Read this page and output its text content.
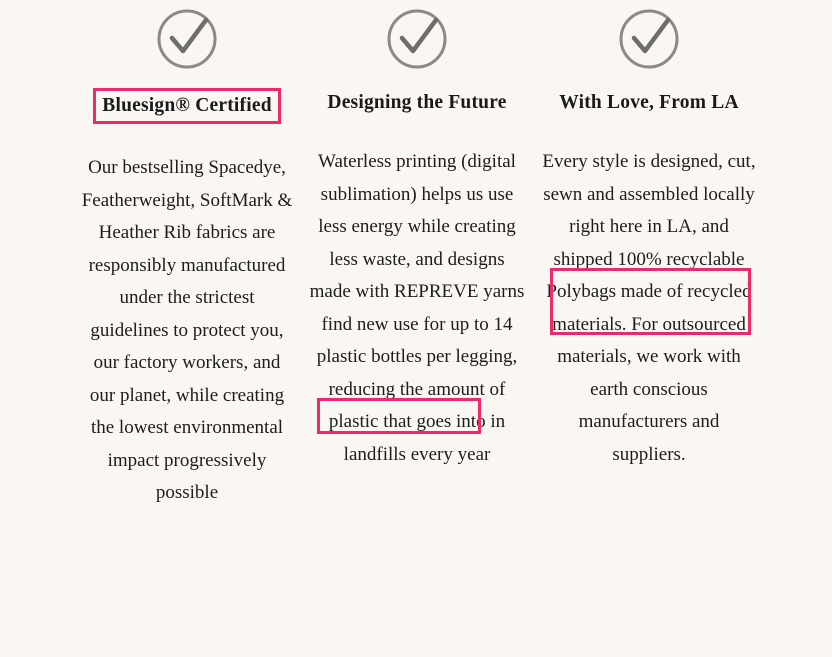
Bluesign® Certified
Our bestselling Spacedye, Featherweight, SoftMark & Heather Rib fabrics are responsibly manufactured under the strictest guidelines to protect you, our factory workers, and our planet, while creating the lowest environmental impact progressively possible
Designing the Future
Waterless printing (digital sublimation) helps us use less energy while creating less waste, and designs made with REPREVE yarns find new use for up to 14 plastic bottles per legging, reducing the amount of plastic that goes into in landfills every year
With Love, From LA
Every style is designed, cut, sewn and assembled locally right here in LA, and shipped 100% recyclable Polybags made of recycled materials. For outsourced materials, we work with earth conscious manufacturers and suppliers.
